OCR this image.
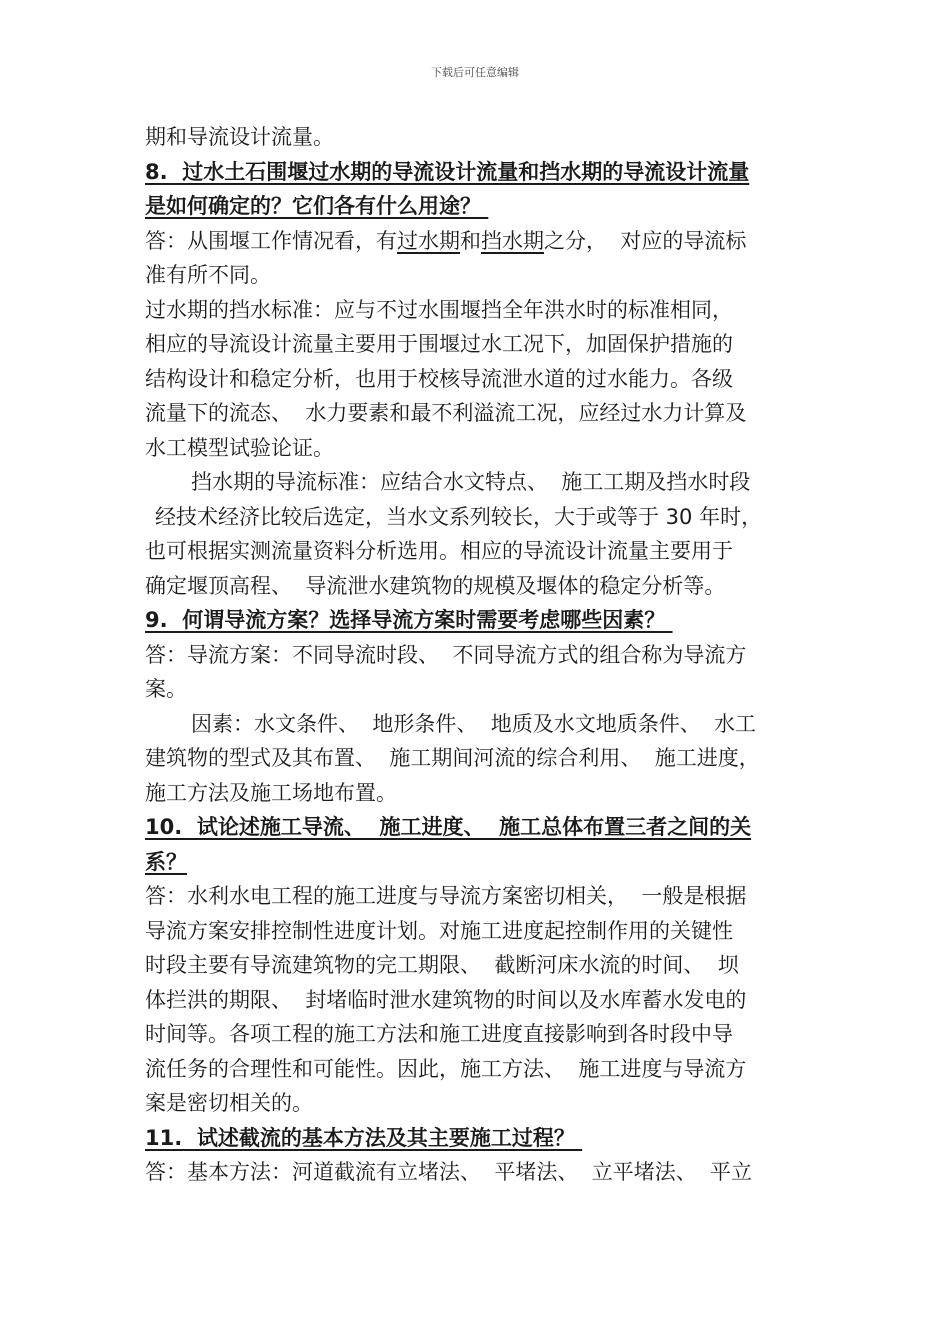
下载后可任意编辑
期和导流设计流量。
8.  过水土石围堰过水期的导流设计流量和挡水期的导流设计流量
是如何确定的？它们各有什么用途？
答：从围堰工作情况看，有过水期和挡水期之分，  对应的导流标
准有所不同。
过水期的挡水标准：应与不过水围堰挡全年洪水时的标准相同，
相应的导流设计流量主要用于围堰过水工况下，加固保护措施的
结构设计和稳定分析，也用于校核导流泄水道的过水能力。各级
流量下的流态、  水力要素和最不利溢流工况，应经过水力计算及
水工模型试验论证。
挡水期的导流标准：应结合水文特点、  施工工期及挡水时段
经技术经济比较后选定，当水文系列较长，大于或等于 30 年时，
也可根据实测流量资料分析选用。相应的导流设计流量主要用于
确定堰顶高程、  导流泄水建筑物的规模及堰体的稳定分析等。
9.  何谓导流方案？选择导流方案时需要考虑哪些因素？
答：导流方案：不同导流时段、  不同导流方式的组合称为导流方
案。
因素：水文条件、  地形条件、  地质及水文地质条件、  水工
建筑物的型式及其布置、  施工期间河流的综合利用、  施工进度，
施工方法及施工场地布置。
10.  试论述施工导流、  施工进度、  施工总体布置三者之间的关
系？
答：水利水电工程的施工进度与导流方案密切相关，  一般是根据
导流方案安排控制性进度计划。对施工进度起控制作用的关键性
时段主要有导流建筑物的完工期限、  截断河床水流的时间、  坝
体拦洪的期限、  封堵临时泄水建筑物的时间以及水库蓄水发电的
时间等。各项工程的施工方法和施工进度直接影响到各时段中导
流任务的合理性和可能性。因此，施工方法、  施工进度与导流方
案是密切相关的。
11.  试述截流的基本方法及其主要施工过程？
答：基本方法：河道截流有立堵法、  平堵法、  立平堵法、  平立
